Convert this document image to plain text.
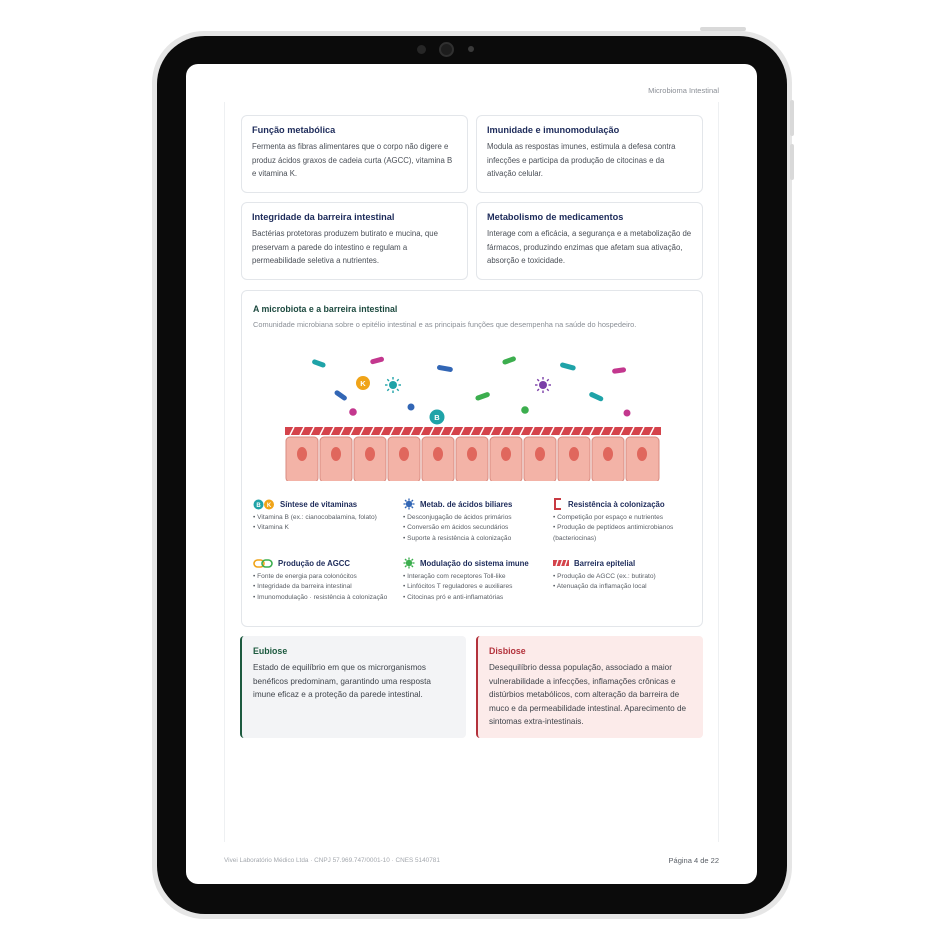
Microbioma Intestinal
Função metabólica

Fermenta as fibras alimentares que o corpo não digere e produz ácidos graxos de cadeia curta (AGCC), vitamina B e vitamina K.

Imunidade e imunomodulação

Modula as respostas imunes, estimula a defesa contra infecções e participa da produção de citocinas e da ativação celular.

Integridade da barreira intestinal

Bactérias protetoras produzem butirato e mucina, que preservam a parede do intestino e regulam a permeabilidade seletiva a nutrientes.

Metabolismo de medicamentos

Interage com a eficácia, a segurança e a metabolização de fármacos, produzindo enzimas que afetam sua ativação, absorção e toxicidade.

A microbiota e a barreira intestinal
Comunidade microbiana sobre o epitélio intestinal e as principais funções que desempenha na saúde do hospedeiro.
K
B
B K Síntese de vitaminas
• Vitamina B (ex.: cianocobalamina, folato)
• Vitamina K
Metab. de ácidos biliares
• Desconjugação de ácidos primários
• Conversão em ácidos secundários
• Suporte à resistência à colonização
Resistência à colonização
• Competição por espaço e nutrientes
• Produção de peptídeos antimicrobianos (bacteriocinas)
Produção de AGCC
• Fonte de energia para colonócitos
• Integridade da barreira intestinal
• Imunomodulação · resistência à colonização
Modulação do sistema imune
• Interação com receptores Toll-like
• Linfócitos T reguladores e auxiliares
• Citocinas pró e anti-inflamatórias
Barreira epitelial
• Produção de AGCC (ex.: butirato)
• Atenuação da inflamação local
Eubiose

Estado de equilíbrio em que os microrganismos benéficos predominam, garantindo uma resposta imune eficaz e a proteção da parede intestinal.

Disbiose

Desequilíbrio dessa população, associado a maior vulnerabilidade a infecções, inflamações crônicas e distúrbios metabólicos, com alteração da barreira de muco e da permeabilidade intestinal. Aparecimento de sintomas extra-intestinais.

Vivei Laboratório Médico Ltda · CNPJ 57.969.747/0001-10 · CNES 5140781	Página 4 de 22
